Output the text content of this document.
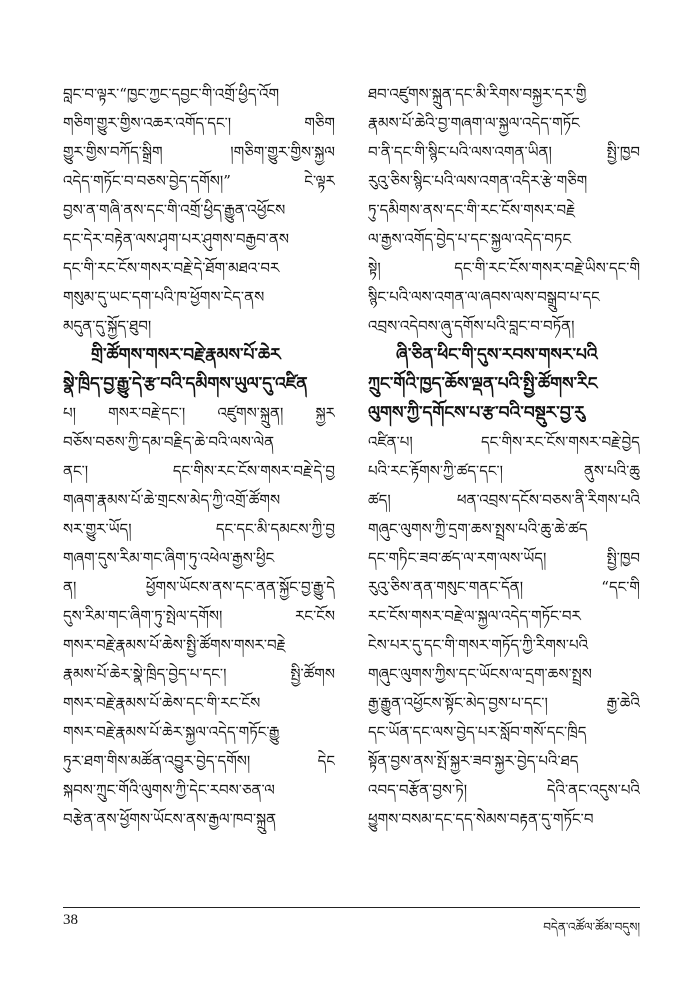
བླང་བ་ལྟར་“ཁྱང་ཀྱང་དབྱང་གི་འགྲོ་ཕྱིད་འོག
གཅིག་གྱུར་གྱིས་འཆར་འགོད་དང་། གཅིག
གྱུར་གྱིས་བཀོད་སྒྲིག །གཅིག་གྱུར་གྱིས་སྐྱལ
འདེད་གཏོང་བ་བཅས་བྱེད་དགོས།” ངེ་ལྟར
བྱས་ན་གཞི་ནས་དང་གི་འགྲོ་ཕྱིད་རྒྱུན་འཕྱོངས
དང་དེར་བརྟེན་ལས་ཤྭག་པར་ཤུགས་བརྒྱབ་ནས
དང་གི་རང་ངོས་གསར་བརྗེ་དེ་ཐོག་མཐའ་བར
གསུམ་དུ་ཡང་དག་པའི་ཁ་ཕྱོགས་ངེད་ནས
མདུན་དུ་སྐྱོད་ཐུབ།
གྲི་ཚོགས་གསར་བརྗེ་རྣམས་པོ་ཆེར
སྣེ་ཁྲིད་བྱ་རྒྱུ་དེ་རྩ་བའི་དམིགས་ཡུལ་དུ་འཛིན
པ། གསར་བརྗེ་དང་། འཛུགས་སྐྲུན། སྐྱར
བཅོས་བཅས་ཀྱི་དམ་བརྗིད་ཆེ་བའི་ལས་ལེན
ནང་། དང་གིས་རང་ངོས་གསར་བརྗེ་དེ་བྱ
གཞག་རྣམས་པོ་ཆེ་གྲངས་མེད་ཀྱི་འགྲོ་ཚོགས
སར་གྱུར་ཡོད། དང་དང་མི་དམངས་ཀྱི་བྱ
གཞག་དུས་རིམ་གང་ཞིག་ཏུ་འཕེལ་རྒྱས་ཕྱིང
ན། ཕྱོགས་ཡོངས་ནས་དང་ནན་སྐྱོང་བྱ་རྒྱུ་དེ
དུས་རིམ་གང་ཞིག་ཏུ་སྤེལ་དགོས། རང་ངོས
གསར་བརྗེ་རྣམས་པོ་ཆེས་སྤྱི་ཚོགས་གསར་བརྗེ
རྣམས་པོ་ཆེར་སྣེ་ཁྲིད་བྱེད་པ་དང་། སྤྱི་ཚོགས
གསར་བརྗེ་རྣམས་པོ་ཆེས་དང་གི་རང་ངོས
གསར་བརྗེ་རྣམས་པོ་ཆེར་སྐྱལ་འདེད་གཏོང་རྒྱུ
ཏུར་ཐག་གིས་མཚོན་འབྱུར་བྱེད་དགོས། དེང
སྐབས་ཀྲུང་གོའི་ལུགས་ཀྱི་དེང་རབས་ཅན་ལ
བརྩེན་ནས་ཕྱོགས་ཡོངས་ནས་རྒྱལ་ཁབ་སྐྲུན
ཐབ་འཛུགས་སྐྲུན་དང་མི་རིགས་བསྐྱར་དར་གྱི
རྣམས་པོ་ཆེའི་བྱ་གཞག་ལ་སྐྱལ་འདེད་གཏོང
བ་ནི་དང་གི་སྙིང་པའི་ལས་འགན་ཡིན། སྤྱི་ཁྱབ
རུའུ་ཅིས་སྙིང་པའི་ལས་འགན་འདིར་རྩེ་གཅིག
ཏུ་དམིགས་ནས་དང་གི་རང་ངོས་གསར་བརྗེ
ལ་རྒྱས་འགོད་བྱེད་པ་དང་སྐྱལ་འདེད་བཏང
སྟེ། དང་གི་རང་ངོས་གསར་བརྗེ་ཡིས་དང་གི
སྙིང་པའི་ལས་འགན་ལ་ཞབས་ལས་བསྒྲུབ་པ་དང
འབྲས་འདེབས་ཞུ་དགོས་པའི་བླང་བ་བཏོན།
ཞི་ཅིན་ཕིང་གི་དུས་རབས་གསར་པའི
ཀྲུང་གོའི་ཁྱད་ཆོས་ལྡན་པའི་སྤྱི་ཚོགས་རིང
ལུགས་ཀྱི་དགོངས་པ་རྩ་བའི་བསྡུར་བྱ་རུ
འཛིན་པ། དང་གིས་རང་ངོས་གསར་བརྗེ་བྱེད
པའི་རང་རྟོགས་ཀྱི་ཚད་དང་། ནུས་པའི་ཆུ
ཚད། ཕན་འབྲས་དངོས་བཅས་ནི་རིགས་པའི
གཞུང་ལུགས་ཀྱི་དྲག་ཆས་སྤྲས་པའི་ཆུ་ཆེ་ཚད
དང་གཏིང་ཟབ་ཚད་ལ་རག་ལས་ཡོད། སྤྱི་ཁྱབ
རུའུ་ཅིས་ནན་གསུང་གནང་དོན། “དང་གི
རང་ངོས་གསར་བརྗེ་ལ་སྐྱལ་འདེད་གཏོང་བར
ངེས་པར་དུ་དང་གི་གསར་གཏོད་ཀྱི་རིགས་པའི
གཞུང་ལུགས་ཀྱིས་དང་ཡོངས་ལ་དྲག་ཆས་སྤྲས
རྒྱ་རྒྱུན་འཕྱོངས་སྟོང་མེད་བྱས་པ་དང་། རྒྱ་ཆེའི
དང་ཡོན་དང་ལས་བྱེད་པར་སློབ་གསོ་དང་ཁྲིད
སྟོན་བྱས་ནས་སྤོ་སྐྱར་ཟབ་སྐྱར་བྱེད་པའི་ཐད
འབད་བརྩོན་བྱས་ཏེ། དེའི་ནང་འདུས་པའི
ཕྱུགས་བསམ་དང་དད་སེམས་བརྟན་དུ་གཏོང་བ
38	བདེན་འཚོལ་ཚོམ་བདུས།
